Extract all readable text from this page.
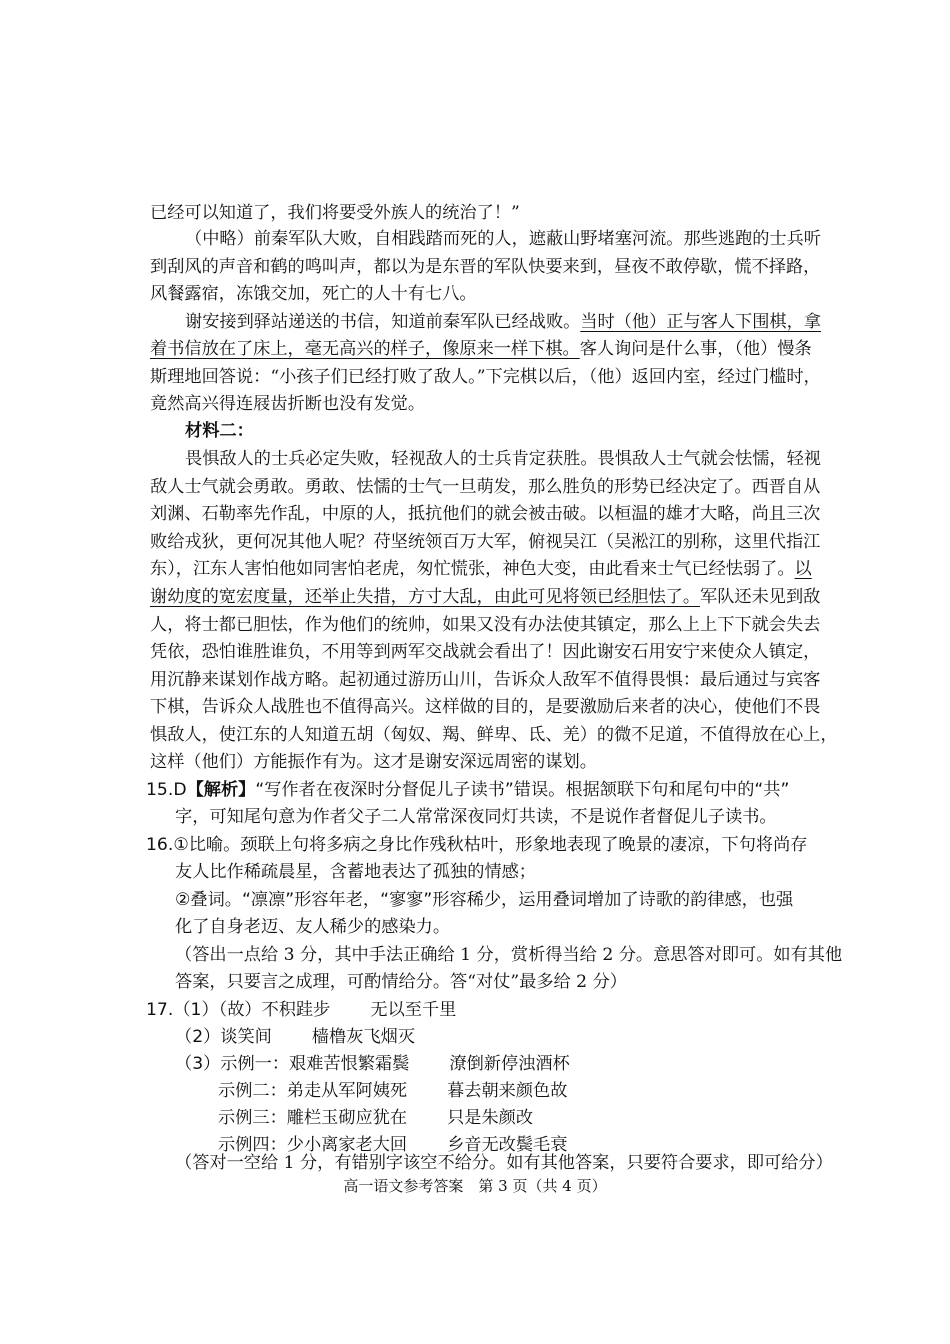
已经可以知道了，我们将要受外族人的统治了！”
（中略）前秦军队大败，自相践踏而死的人，遮蔽山野堵塞河流。那些逃跑的士兵听
到刮风的声音和鹤的鸣叫声，都以为是东晋的军队快要来到，昼夜不敢停歇，慌不择路，
风餐露宿，冻饿交加，死亡的人十有七八。
谢安接到驿站递送的书信，知道前秦军队已经战败。当时（他）正与客人下围棋，拿
着书信放在了床上，毫无高兴的样子，像原来一样下棋。客人询问是什么事，（他）慢条
斯理地回答说：“小孩子们已经打败了敌人。”下完棋以后，（他）返回内室，经过门槛时，
竟然高兴得连屐齿折断也没有发觉。
材料二：
畏惧敌人的士兵必定失败，轻视敌人的士兵肯定获胜。畏惧敌人士气就会怯懦，轻视
敌人士气就会勇敢。勇敢、怯懦的士气一旦萌发，那么胜负的形势已经决定了。西晋自从
刘渊、石勒率先作乱，中原的人，抵抗他们的就会被击破。以桓温的雄才大略，尚且三次
败给戎狄，更何况其他人呢？苻坚统领百万大军，俯视吴江（吴淞江的别称，这里代指江
东），江东人害怕他如同害怕老虎，匆忙慌张，神色大变，由此看来士气已经怯弱了。以
谢幼度的宽宏度量，还举止失措，方寸大乱，由此可见将领已经胆怯了。军队还未见到敌
人，将士都已胆怯，作为他们的统帅，如果又没有办法使其镇定，那么上上下下就会失去
凭依，恐怕谁胜谁负，不用等到两军交战就会看出了！因此谢安石用安宁来使众人镇定，
用沉静来谋划作战方略。起初通过游历山川，告诉众人敌军不值得畏惧：最后通过与宾客
下棋，告诉众人战胜也不值得高兴。这样做的目的，是要激励后来者的决心，使他们不畏
惧敌人，使江东的人知道五胡（匈奴、羯、鲜卑、氐、羌）的微不足道，不值得放在心上，
这样（他们）方能振作有为。这才是谢安深远周密的谋划。
15.D【解析】“写作者在夜深时分督促儿子读书”错误。根据颔联下句和尾句中的“共”
字，可知尾句意为作者父子二人常常深夜同灯共读，不是说作者督促儿子读书。
16.①比喻。颈联上句将多病之身比作残秋枯叶，形象地表现了晚景的凄凉，下句将尚存
友人比作稀疏晨星，含蓄地表达了孤独的情感；
②叠词。“凛凛”形容年老，“寥寥”形容稀少，运用叠词增加了诗歌的韵律感，也强
化了自身老迈、友人稀少的感染力。
（答出一点给 3 分，其中手法正确给 1 分，赏析得当给 2 分。意思答对即可。如有其他
答案，只要言之成理，可酌情给分。答“对仗”最多给 2 分）
17.（1）（故）不积跬步 无以至千里
（2）谈笑间 樯橹灰飞烟灭
（3）示例一：艰难苦恨繁霜鬓 潦倒新停浊酒杯
示例二：弟走从军阿姨死 暮去朝来颜色故
示例三：雕栏玉砌应犹在 只是朱颜改
示例四：少小离家老大回 乡音无改鬓毛衰
（答对一空给 1 分，有错别字该空不给分。如有其他答案，只要符合要求，即可给分）
高一语文参考答案　第 3 页（共 4 页）
